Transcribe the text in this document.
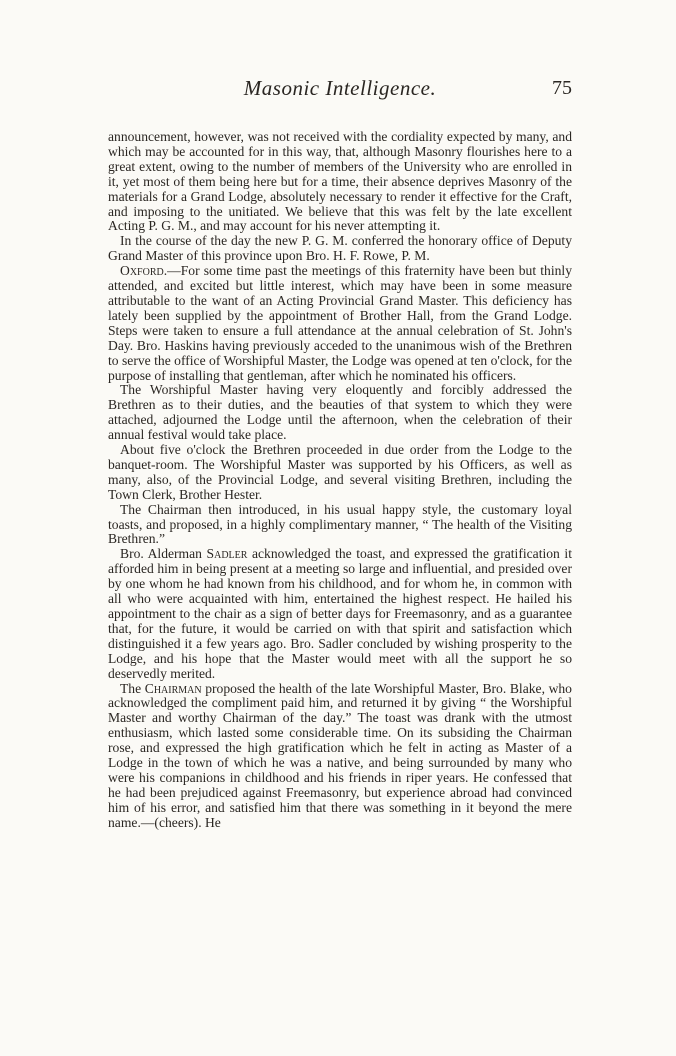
Masonic Intelligence.	75

announcement, however, was not received with the cordiality expected by many, and which may be accounted for in this way, that, although Masonry flourishes here to a great extent, owing to the number of members of the University who are enrolled in it, yet most of them being here but for a time, their absence deprives Masonry of the materials for a Grand Lodge, absolutely necessary to render it effective for the Craft, and imposing to the unitiated. We believe that this was felt by the late excellent Acting P. G. M., and may account for his never attempting it.

In the course of the day the new P. G. M. conferred the honorary office of Deputy Grand Master of this province upon Bro. H. F. Rowe, P. M.

Oxford.—For some time past the meetings of this fraternity have been but thinly attended, and excited but little interest, which may have been in some measure attributable to the want of an Acting Provincial Grand Master. This deficiency has lately been supplied by the appointment of Brother Hall, from the Grand Lodge. Steps were taken to ensure a full attendance at the annual celebration of St. John's Day. Bro. Haskins having previously acceded to the unanimous wish of the Brethren to serve the office of Worshipful Master, the Lodge was opened at ten o'clock, for the purpose of installing that gentleman, after which he nominated his officers.

The Worshipful Master having very eloquently and forcibly addressed the Brethren as to their duties, and the beauties of that system to which they were attached, adjourned the Lodge until the afternoon, when the celebration of their annual festival would take place.

About five o'clock the Brethren proceeded in due order from the Lodge to the banquet-room. The Worshipful Master was supported by his Officers, as well as many, also, of the Provincial Lodge, and several visiting Brethren, including the Town Clerk, Brother Hester.

The Chairman then introduced, in his usual happy style, the customary loyal toasts, and proposed, in a highly complimentary manner, “ The health of the Visiting Brethren.”

Bro. Alderman Sadler acknowledged the toast, and expressed the gratification it afforded him in being present at a meeting so large and influential, and presided over by one whom he had known from his childhood, and for whom he, in common with all who were acquainted with him, entertained the highest respect. He hailed his appointment to the chair as a sign of better days for Freemasonry, and as a guarantee that, for the future, it would be carried on with that spirit and satisfaction which distinguished it a few years ago. Bro. Sadler concluded by wishing prosperity to the Lodge, and his hope that the Master would meet with all the support he so deservedly merited.

The Chairman proposed the health of the late Worshipful Master, Bro. Blake, who acknowledged the compliment paid him, and returned it by giving “ the Worshipful Master and worthy Chairman of the day.” The toast was drank with the utmost enthusiasm, which lasted some considerable time. On its subsiding the Chairman rose, and expressed the high gratification which he felt in acting as Master of a Lodge in the town of which he was a native, and being surrounded by many who were his companions in childhood and his friends in riper years. He confessed that he had been prejudiced against Freemasonry, but experience abroad had convinced him of his error, and satisfied him that there was something in it beyond the mere name.—(cheers). He
